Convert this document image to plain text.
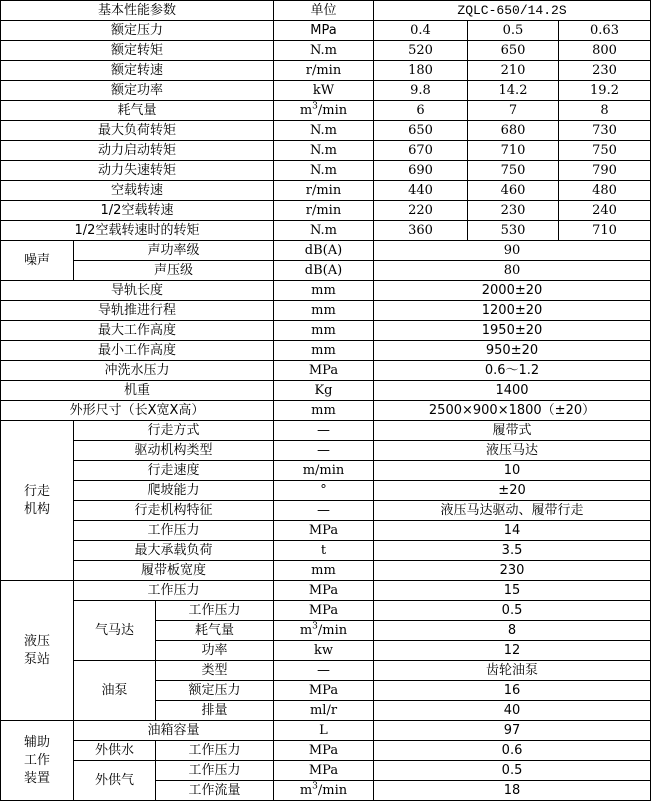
基本性能参数			单位	ZQLC-650/14.2S		
额定压力			MPa	0.4	0.5	0.63
额定转矩			N.m	520	650	800
额定转速			r/min	180	210	230
额定功率			kW	9.8	14.2	19.2
耗气量			$m^3/\min$	6	7	8
最大负荷转矩			N.m	650	680	730
动力启动转矩			N.m	670	710	750
动力失速转矩			N.m	690	750	790
空载转速			r/min	440	460	480
1/2空载转速			r/min	220	230	240
1/2空载转速时的转矩			N.m	360	530	710
噪声	声功率级		dB(A)	90		
	声压级		dB(A)	80		
导轨长度			mm	2000±20		
导轨推进行程			mm	1200±20		
最大工作高度			mm	1950±20		
最小工作高度			mm	950±20		
冲洗水压力			MPa	0.6～1.2		
机重			Kg	1400		
外形尺寸（长X宽X高）			mm	2500×900×1800（±20）		
行走
机构	行走方式		—	履带式		
	驱动机构类型		—	液压马达		
	行走速度		m/min	10		
	爬坡能力		°	±20		
	行走机构特征		—	液压马达驱动、履带行走		
	工作压力		MPa	14		
	最大承载负荷		t	3.5		
	履带板宽度		mm	230		
液压
泵站	工作压力		MPa	15		
	气马达	工作压力	MPa	0.5		
		耗气量	$m^3/\min$	8		
		功率	kw	12		
	油泵	类型	—	齿轮油泵		
		额定压力	MPa	16		
		排量	ml/r	40		
辅助
工作
装置	油箱容量		L	97		
	外供水	工作压力	MPa	0.6		
	外供气	工作压力	MPa	0.5		
		工作流量	$m^3/\min$	18		
